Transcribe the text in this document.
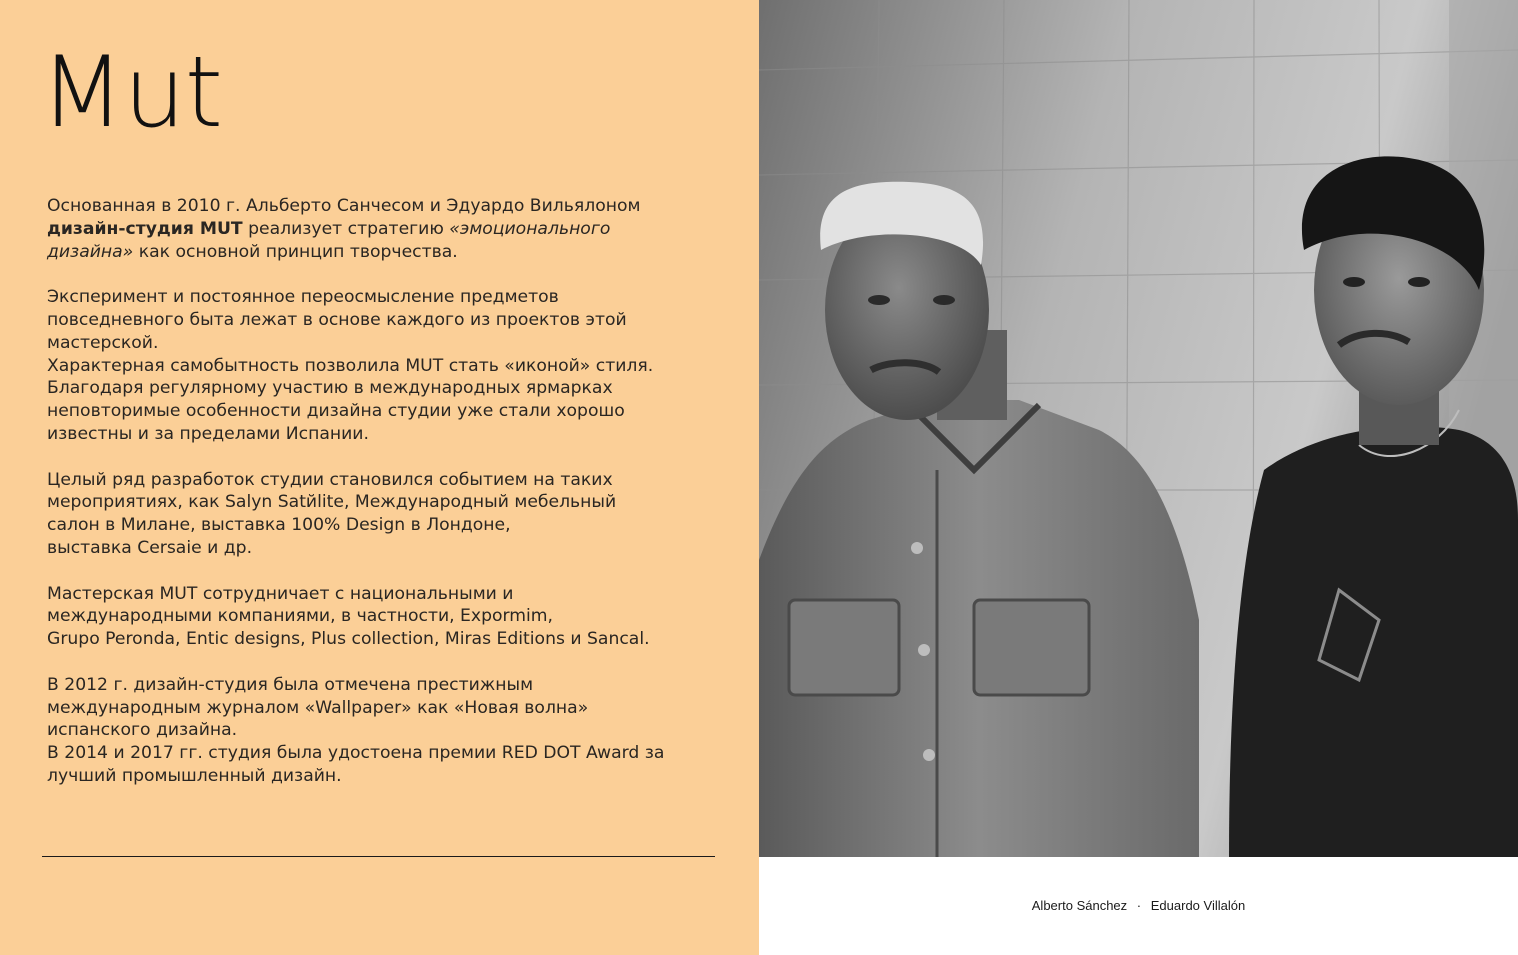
Mut

Основанная в 2010 г. Альберто Санчесом и Эдуардо Вильялоном
дизайн-студия MUT реализует стратегию «эмоционального
дизайна» как основной принцип творчества.

Эксперимент и постоянное переосмысление предметов
повседневного быта лежат в основе каждого из проектов этой
мастерской.
Характерная самобытность позволила MUT стать «иконой» стиля.
Благодаря регулярному участию в международных ярмарках
неповторимые особенности дизайна студии уже стали хорошо
известны и за пределами Испании.

Целый ряд разработок студии становился событием на таких
мероприятиях, как Salyn Satйlite, Международный мебельный
салон в Милане, выставка 100% Design в Лондоне,
выставка Cersaie и др.

Мастерская MUT сотрудничает с национальными и
международными компаниями, в частности, Expormim,
Grupo Peronda, Entic designs, Plus collection, Miras Editions и Sancal.

В 2012 г. дизайн-студия была отмечена престижным
международным журналом «Wallpaper» как «Новая волна»
испанского дизайна.
В 2014 и 2017 гг. студия была удостоена премии RED DOT Award за
лучший промышленный дизайн.

Alberto Sánchez · Eduardo Villalón
